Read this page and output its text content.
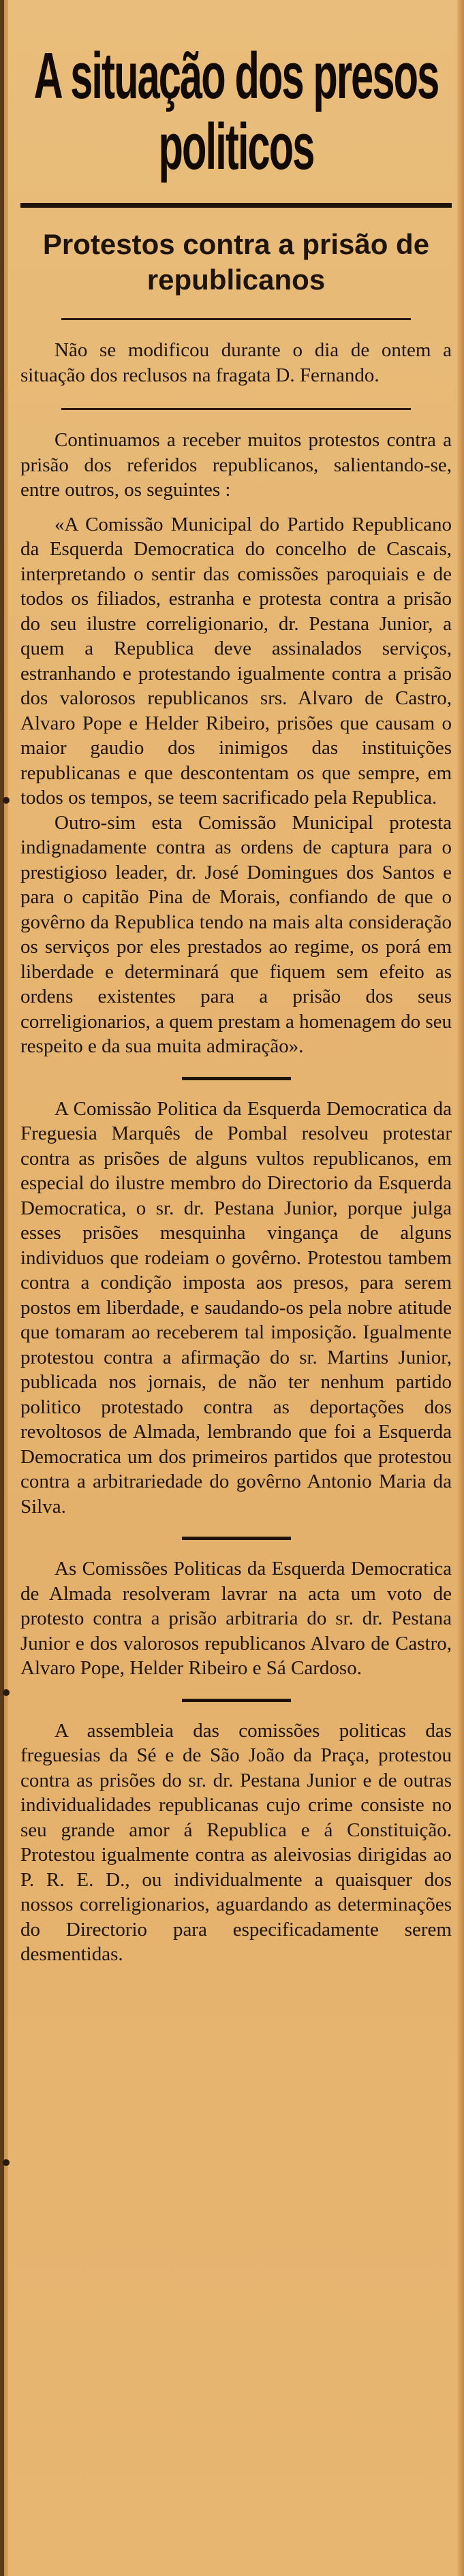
A situação dos presos politicos
Protestos contra a prisão de republicanos

Não se modificou durante o dia de ontem a situação dos reclusos na fragata D. Fernando.

Continuamos a receber muitos protestos contra a prisão dos referidos republicanos, salientando-se, entre outros, os seguintes :

«A Comissão Municipal do Partido Republicano da Esquerda Democratica do concelho de Cascais, interpretando o sentir das comissões paroquiais e de todos os filiados, estranha e protesta contra a prisão do seu ilustre correligionario, dr. Pestana Junior, a quem a Republica deve assinalados serviços, estranhando e protestando igualmente contra a prisão dos valorosos republicanos srs. Alvaro de Castro, Alvaro Pope e Helder Ribeiro, prisões que causam o maior gaudio dos inimigos das instituições republicanas e que descontentam os que sempre, em todos os tempos, se teem sacrificado pela Republica.

Outro-sim esta Comissão Municipal protesta indignadamente contra as ordens de captura para o prestigioso leader, dr. José Domingues dos Santos e para o capitão Pina de Morais, confiando de que o govêrno da Republica tendo na mais alta consideração os serviços por eles prestados ao regime, os porá em liberdade e determinará que fiquem sem efeito as ordens existentes para a prisão dos seus correligionarios, a quem prestam a homenagem do seu respeito e da sua muita admiração».

A Comissão Politica da Esquerda Democratica da Freguesia Marquês de Pombal resolveu protestar contra as prisões de alguns vultos republicanos, em especial do ilustre membro do Directorio da Esquerda Democratica, o sr. dr. Pestana Junior, porque julga esses prisões mesquinha vingança de alguns individuos que rodeiam o govêrno. Protestou tambem contra a condição imposta aos presos, para serem postos em liberdade, e saudando-os pela nobre atitude que tomaram ao receberem tal imposição. Igualmente protestou contra a afirmação do sr. Martins Junior, publicada nos jornais, de não ter nenhum partido politico protestado contra as deportações dos revoltosos de Almada, lembrando que foi a Esquerda Democratica um dos primeiros partidos que protestou contra a arbitrariedade do govêrno Antonio Maria da Silva.

As Comissões Politicas da Esquerda Democratica de Almada resolveram lavrar na acta um voto de protesto contra a prisão arbitraria do sr. dr. Pestana Junior e dos valorosos republicanos Alvaro de Castro, Alvaro Pope, Helder Ribeiro e Sá Cardoso.

A assembleia das comissões politicas das freguesias da Sé e de São João da Praça, protestou contra as prisões do sr. dr. Pestana Junior e de outras individualidades republicanas cujo crime consiste no seu grande amor á Republica e á Constituição. Protestou igualmente contra as aleivosias dirigidas ao P. R. E. D., ou individualmente a quaisquer dos nossos correligionarios, aguardando as determinações do Directorio para especificadamente serem desmentidas.
